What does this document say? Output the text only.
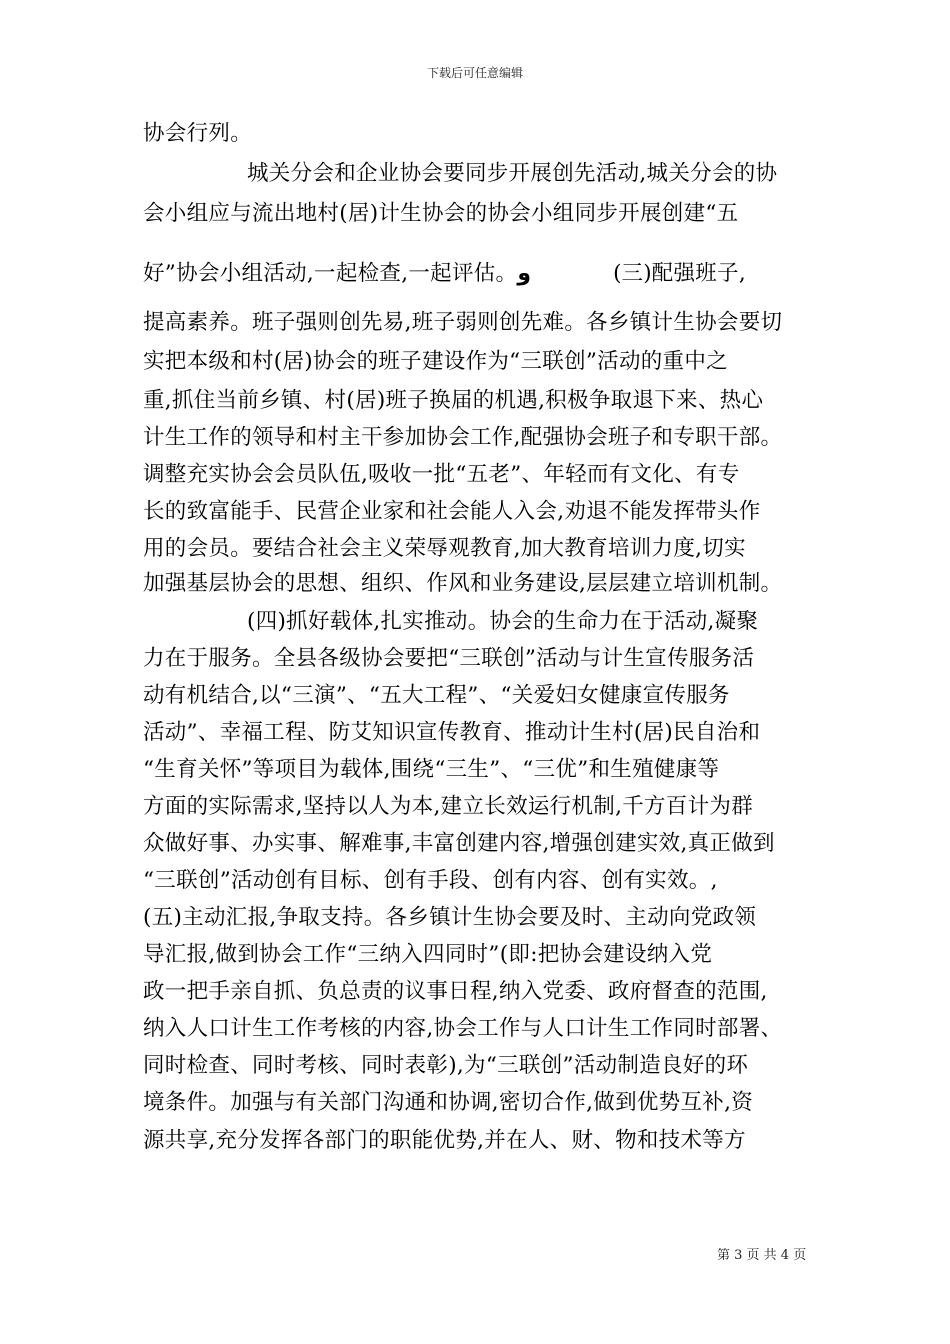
下载后可任意编辑
协会行列。
城关分会和企业协会要同步开展创先活动,城关分会的协
会小组应与流出地村(居)计生协会的协会小组同步开展创建“五
好”协会小组活动,一起检查,一起评估。و	(三)配强班子,
提高素养。班子强则创先易,班子弱则创先难。各乡镇计生协会要切
实把本级和村(居)协会的班子建设作为“三联创”活动的重中之
重,抓住当前乡镇、村(居)班子换届的机遇,积极争取退下来、热心
计生工作的领导和村主干参加协会工作,配强协会班子和专职干部。
调整充实协会会员队伍,吸收一批“五老”、年轻而有文化、有专
长的致富能手、民营企业家和社会能人入会,劝退不能发挥带头作
用的会员。要结合社会主义荣辱观教育,加大教育培训力度,切实
加强基层协会的思想、组织、作风和业务建设,层层建立培训机制。
(四)抓好载体,扎实推动。协会的生命力在于活动,凝聚
力在于服务。全县各级协会要把“三联创”活动与计生宣传服务活
动有机结合,以“三演”、“五大工程”、“关爱妇女健康宣传服务
活动”、幸福工程、防艾知识宣传教育、推动计生村(居)民自治和
“生育关怀”等项目为载体,围绕“三生”、“三优”和生殖健康等
方面的实际需求,坚持以人为本,建立长效运行机制,千方百计为群
众做好事、办实事、解难事,丰富创建内容,增强创建实效,真正做到
“三联创”活动创有目标、创有手段、创有内容、创有实效。,
(五)主动汇报,争取支持。各乡镇计生协会要及时、主动向党政领
导汇报,做到协会工作“三纳入四同时”(即:把协会建设纳入党
政一把手亲自抓、负总责的议事日程,纳入党委、政府督查的范围,
纳入人口计生工作考核的内容,协会工作与人口计生工作同时部署、
同时检查、同时考核、同时表彰),为“三联创”活动制造良好的环
境条件。加强与有关部门沟通和协调,密切合作,做到优势互补,资
源共享,充分发挥各部门的职能优势,并在人、财、物和技术等方
第 3 页 共 4 页
